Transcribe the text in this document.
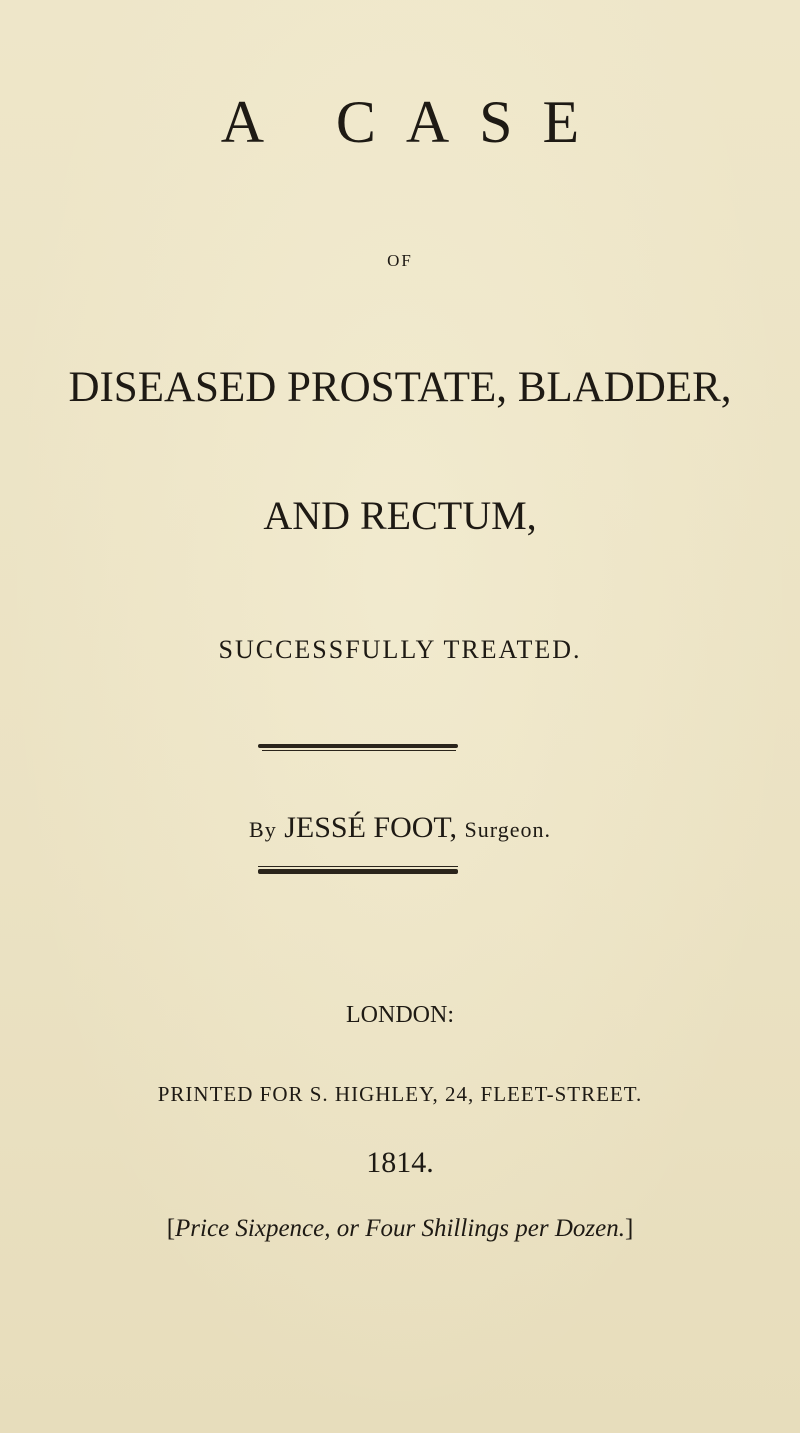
A CASE
OF
DISEASED PROSTATE, BLADDER,
AND RECTUM,
SUCCESSFULLY TREATED.
By JESSÉ FOOT, Surgeon.
LONDON:
PRINTED FOR S. HIGHLEY, 24, FLEET-STREET.
1814.
[Price Sixpence, or Four Shillings per Dozen.]
